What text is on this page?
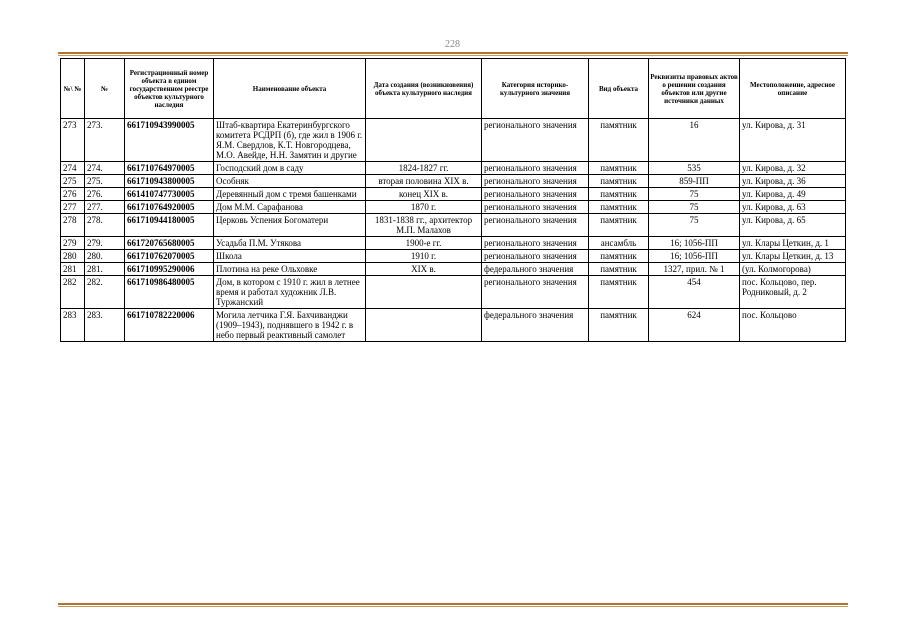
228
№\ №	№	Регистрационный номер объекта в едином государственном реестре объектов культурного наследия	Наименование объекта	Дата создания (возникновения) объекта культурного наследия	Категория историко-культурного значения	Вид объекта	Реквизиты правовых актов о решении создания объектов или другие источники данных	Местоположение, адресное описание
273	273.	661710943990005	Штаб-квартира Екатеринбургского комитета РСДРП (б), где жил в 1906 г. Я.М. Свердлов, К.Т. Новгородцева, М.О. Авейде, Н.Н. Замятин и другие		регионального значения	памятник	16	ул. Кирова, д. 31
274	274.	661710764970005	Господский дом в саду	1824-1827 гг.	регионального значения	памятник	535	ул. Кирова, д. 32
275	275.	661710943800005	Особняк	вторая половина XIX в.	регионального значения	памятник	859-ПП	ул. Кирова, д. 36
276	276.	661410747730005	Деревянный дом с тремя башенками	конец XIX в.	регионального значения	памятник	75	ул. Кирова, д. 49
277	277.	661710764920005	Дом М.М. Сарафанова	1870 г.	регионального значения	памятник	75	ул. Кирова, д. 63
278	278.	661710944180005	Церковь Успения Богоматери	1831-1838 гг., архитектор М.П. Малахов	регионального значения	памятник	75	ул. Кирова, д. 65
279	279.	661720765680005	Усадьба П.М. Утякова	1900-е гг.	регионального значения	ансамбль	16; 1056-ПП	ул. Клары Цеткин, д. 1
280	280.	661710762070005	Школа	1910 г.	регионального значения	памятник	16; 1056-ПП	ул. Клары Цеткин, д. 13
281	281.	661710995290006	Плотина на реке Ольховке	XIX в.	федерального значения	памятник	1327, прил. № 1	(ул. Колмогорова)
282	282.	661710986480005	Дом, в котором с 1910 г. жил в летнее время и работал художник Л.В. Туржанский		регионального значения	памятник	454	пос. Кольцово, пер. Родниковый, д. 2
283	283.	661710782220006	Могила летчика Г.Я. Бахчиванджи (1909–1943), поднявшего в 1942 г. в небо первый реактивный самолет		федерального значения	памятник	624	пос. Кольцово
